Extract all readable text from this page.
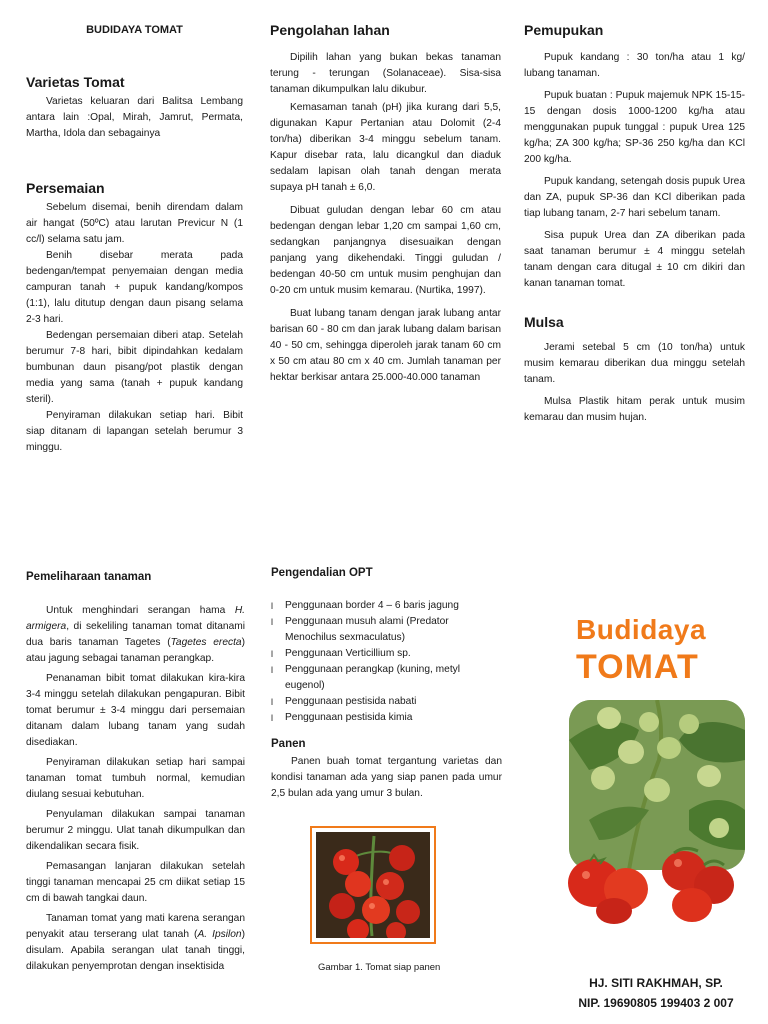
BUDIDAYA TOMAT
Varietas Tomat

Varietas keluaran dari Balitsa Lembang antara lain :Opal, Mirah, Jamrut, Permata, Martha, Idola dan sebagainya

Persemaian

Sebelum disemai, benih direndam dalam air hangat (50ºC) atau larutan Previcur N (1 cc/l) selama satu jam.

Benih disebar merata pada bedengan/tempat penyemaian dengan media campuran tanah + pupuk kandang/kompos (1:1), lalu ditutup dengan daun pisang selama 2-3 hari.

Bedengan persemaian diberi atap. Setelah berumur 7-8 hari, bibit dipindahkan kedalam bumbunan daun pisang/pot plastik dengan media yang sama (tanah + pupuk kandang steril).

Penyiraman dilakukan setiap hari. Bibit siap ditanam di lapangan setelah berumur 3 minggu.

Pengolahan lahan

Dipilih lahan yang bukan bekas tanaman terung - terungan (Solanaceae). Sisa-sisa tanaman dikumpulkan lalu dikubur.

Kemasaman tanah (pH) jika kurang dari 5,5, digunakan Kapur Pertanian atau Dolomit (2-4 ton/ha) diberikan 3-4 minggu sebelum tanam. Kapur disebar rata, lalu dicangkul dan diaduk sedalam lapisan olah tanah dengan merata supaya pH tanah ± 6,0.

Dibuat guludan dengan lebar 60 cm atau bedengan dengan lebar 1,20 cm sampai 1,60 cm, sedangkan panjangnya disesuaikan dengan panjang yang dikehendaki. Tinggi guludan / bedengan 40-50 cm untuk musim penghujan dan 0-20 cm untuk musim kemarau. (Nurtika, 1997).

Buat lubang tanam dengan jarak lubang antar barisan 60 - 80 cm dan jarak lubang dalam barisan 40 - 50 cm, sehingga diperoleh jarak tanam 60 cm x 50 cm atau 80 cm x 40 cm. Jumlah tanaman per hektar berkisar antara 25.000-40.000 tanaman

Pemupukan

Pupuk kandang : 30 ton/ha atau 1 kg/ lubang tanaman.

Pupuk buatan : Pupuk majemuk NPK 15-15-15 dengan dosis 1000-1200 kg/ha atau menggunakan pupuk tunggal : pupuk Urea 125 kg/ha; ZA 300 kg/ha; SP-36 250 kg/ha dan KCl 200 kg/ha.

Pupuk kandang, setengah dosis pupuk Urea dan ZA, pupuk SP-36 dan KCl diberikan pada tiap lubang tanam, 2-7 hari sebelum tanam.

Sisa pupuk Urea dan ZA diberikan pada saat tanaman berumur ± 4 minggu setelah tanam dengan cara ditugal ± 10 cm dikiri dan kanan tanaman tomat.

Mulsa

Jerami setebal 5 cm (10 ton/ha) untuk musim kemarau diberikan dua minggu setelah tanam.

Mulsa Plastik hitam perak untuk musim kemarau dan musim hujan.

Pemeliharaan tanaman

Untuk menghindari serangan hama H. armigera, di sekeliling tanaman tomat ditanami dua baris tanaman Tagetes (Tagetes erecta) atau jagung sebagai tanaman perangkap.

Penanaman bibit tomat dilakukan kira-kira 3-4 minggu setelah dilakukan pengapuran. Bibit tomat berumur ± 3-4 minggu dari persemaian ditanam dalam lubang tanam yang sudah disediakan.

Penyiraman dilakukan setiap hari sampai tanaman tomat tumbuh normal, kemudian diulang sesuai kebutuhan.

Penyulaman dilakukan sampai tanaman berumur 2 minggu. Ulat tanah dikumpulkan dan dikendalikan secara fisik.

Pemasangan lanjaran dilakukan setelah tinggi tanaman mencapai 25 cm diikat setiap 15 cm di bawah tangkai daun.

Tanaman tomat yang mati karena serangan penyakit atau terserang ulat tanah (A. Ipsilon) disulam. Apabila serangan ulat tanah tinggi, dilakukan penyemprotan dengan insektisida

Pengendalian OPT
l Penggunaan border 4 – 6 baris jagung
l Penggunaan musuh alami (Predator Menochilus sexmaculatus)
l Penggunaan Verticillium sp.
l Penggunaan perangkap (kuning, metyl eugenol)
l Penggunaan pestisida nabati
l Penggunaan pestisida kimia
Panen

Panen buah tomat tergantung varietas dan kondisi tanaman ada yang siap panen pada umur 2,5 bulan ada yang umur 3 bulan.

Gambar 1. Tomat siap panen
Budidaya
TOMAT
HJ. SITI RAKHMAH, SP.
NIP. 19690805 199403 2 007
